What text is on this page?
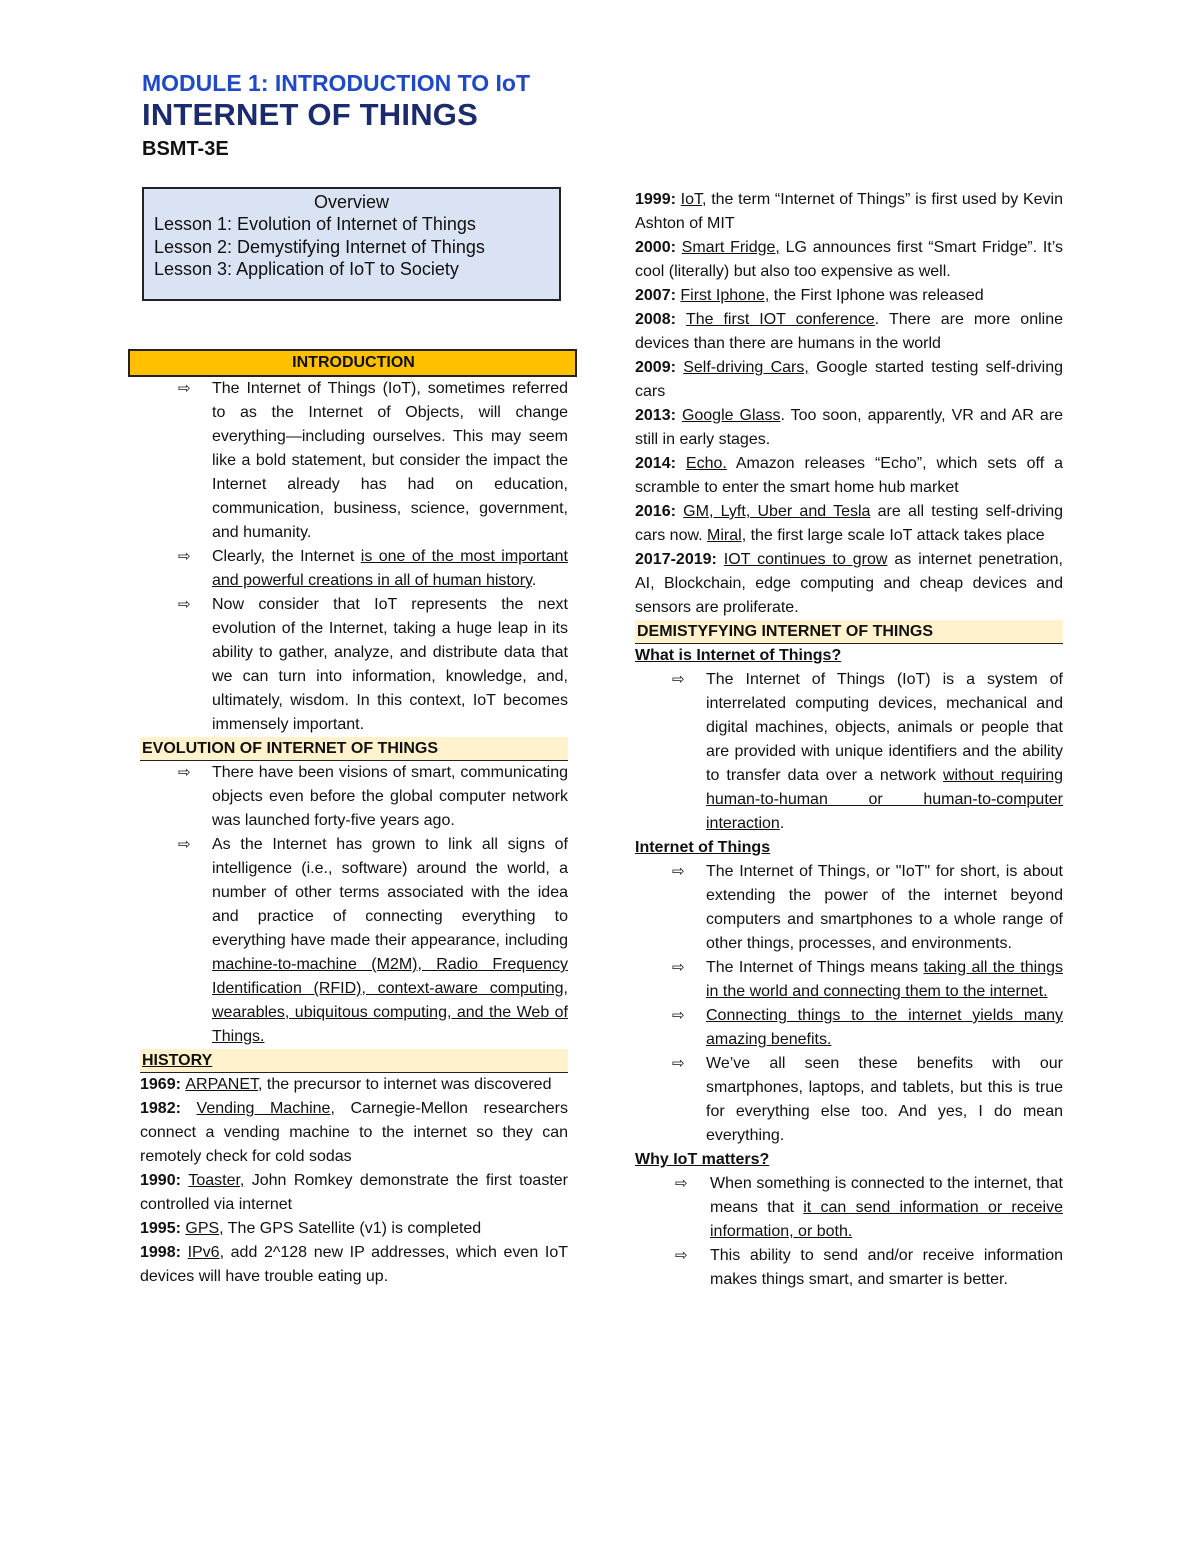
MODULE 1: INTRODUCTION TO IoT
INTERNET OF THINGS
BSMT-3E
Overview
Lesson 1: Evolution of Internet of Things
Lesson 2: Demystifying Internet of Things
Lesson 3: Application of IoT to Society
INTRODUCTION
⇨ The Internet of Things (IoT), sometimes referred to as the Internet of Objects, will change everything—including ourselves. This may seem like a bold statement, but consider the impact the Internet already has had on education, communication, business, science, government, and humanity.
⇨ Clearly, the Internet is one of the most important and powerful creations in all of human history.
⇨ Now consider that IoT represents the next evolution of the Internet, taking a huge leap in its ability to gather, analyze, and distribute data that we can turn into information, knowledge, and, ultimately, wisdom. In this context, IoT becomes immensely important.
EVOLUTION OF INTERNET OF THINGS
⇨ There have been visions of smart, communicating objects even before the global computer network was launched forty-five years ago.
⇨ As the Internet has grown to link all signs of intelligence (i.e., software) around the world, a number of other terms associated with the idea and practice of connecting everything to everything have made their appearance, including machine-to-machine (M2M), Radio Frequency Identification (RFID), context-aware computing, wearables, ubiquitous computing, and the Web of Things.
HISTORY

1969: ARPANET, the precursor to internet was discovered

1982: Vending Machine, Carnegie-Mellon researchers connect a vending machine to the internet so they can remotely check for cold sodas

1990: Toaster, John Romkey demonstrate the first toaster controlled via internet

1995: GPS, The GPS Satellite (v1) is completed

1998: IPv6, add 2^128 new IP addresses, which even IoT devices will have trouble eating up.

1999: IoT, the term “Internet of Things” is first used by Kevin Ashton of MIT

2000: Smart Fridge, LG announces first “Smart Fridge”. It’s cool (literally) but also too expensive as well.

2007: First Iphone, the First Iphone was released

2008: The first IOT conference. There are more online devices than there are humans in the world

2009: Self-driving Cars, Google started testing self-driving cars

2013: Google Glass. Too soon, apparently, VR and AR are still in early stages.

2014: Echo. Amazon releases “Echo”, which sets off a scramble to enter the smart home hub market

2016: GM, Lyft, Uber and Tesla are all testing self-driving cars now. Miral, the first large scale IoT attack takes place

2017-2019: IOT continues to grow as internet penetration, AI, Blockchain, edge computing and cheap devices and sensors are proliferate.

DEMISTYFYING INTERNET OF THINGS
What is Internet of Things?
⇨ The Internet of Things (IoT) is a system of interrelated computing devices, mechanical and digital machines, objects, animals or people that are provided with unique identifiers and the ability to transfer data over a network without requiring human-to-human or human-to-computer interaction.
Internet of Things
⇨ The Internet of Things, or "IoT" for short, is about extending the power of the internet beyond computers and smartphones to a whole range of other things, processes, and environments.
⇨ The Internet of Things means taking all the things in the world and connecting them to the internet.
⇨ Connecting things to the internet yields many amazing benefits.
⇨ We’ve all seen these benefits with our smartphones, laptops, and tablets, but this is true for everything else too. And yes, I do mean everything.
Why IoT matters?
⇨ When something is connected to the internet, that means that it can send information or receive information, or both.
⇨ This ability to send and/or receive information makes things smart, and smarter is better.
